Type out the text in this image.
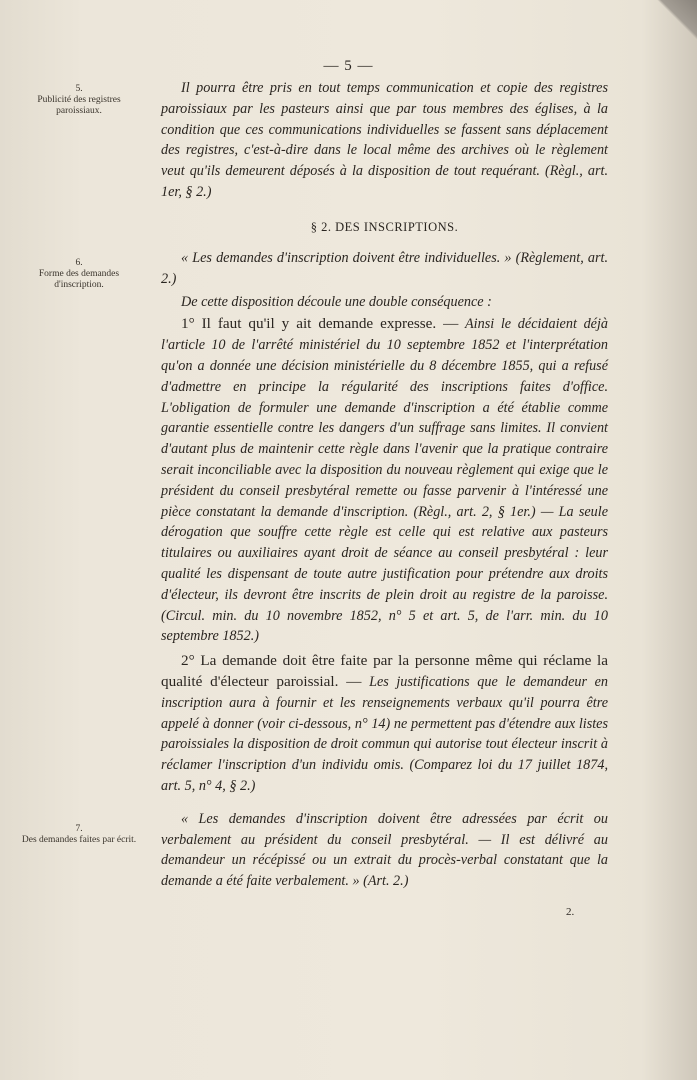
— 5 —
5.
Publicité des registres paroissiaux.
6.
Forme des demandes d'inscription.
7.
Des demandes faites par écrit.

Il pourra être pris en tout temps communication et copie des registres paroissiaux par les pasteurs ainsi que par tous membres des églises, à la condition que ces communications individuelles se fassent sans déplacement des registres, c'est-à-dire dans le local même des archives où le règlement veut qu'ils demeurent déposés à la disposition de tout requérant. (Règl., art. 1er, § 2.)

§ 2. DES INSCRIPTIONS.

« Les demandes d'inscription doivent être individuelles. » (Règlement, art. 2.)

De cette disposition découle une double conséquence :

1° Il faut qu'il y ait demande expresse. — Ainsi le décidaient déjà l'article 10 de l'arrêté ministériel du 10 septembre 1852 et l'interprétation qu'on a donnée une décision ministérielle du 8 décembre 1855, qui a refusé d'admettre en principe la régularité des inscriptions faites d'office. L'obligation de formuler une demande d'inscription a été établie comme garantie essentielle contre les dangers d'un suffrage sans limites. Il convient d'autant plus de maintenir cette règle dans l'avenir que la pratique contraire serait inconciliable avec la disposition du nouveau règlement qui exige que le président du conseil presbytéral remette ou fasse parvenir à l'intéressé une pièce constatant la demande d'inscription. (Règl., art. 2, § 1er.) — La seule dérogation que souffre cette règle est celle qui est relative aux pasteurs titulaires ou auxiliaires ayant droit de séance au conseil presbytéral : leur qualité les dispensant de toute autre justification pour prétendre aux droits d'électeur, ils devront être inscrits de plein droit au registre de la paroisse. (Circul. min. du 10 novembre 1852, n° 5 et art. 5, de l'arr. min. du 10 septembre 1852.)

2° La demande doit être faite par la personne même qui réclame la qualité d'électeur paroissial. — Les justifications que le demandeur en inscription aura à fournir et les renseignements verbaux qu'il pourra être appelé à donner (voir ci-dessous, n° 14) ne permettent pas d'étendre aux listes paroissiales la disposition de droit commun qui autorise tout électeur inscrit à réclamer l'inscription d'un individu omis. (Comparez loi du 17 juillet 1874, art. 5, n° 4, § 2.)

« Les demandes d'inscription doivent être adressées par écrit ou verbalement au président du conseil presbytéral. — Il est délivré au demandeur un récépissé ou un extrait du procès-verbal constatant que la demande a été faite verbalement. » (Art. 2.)

2.
